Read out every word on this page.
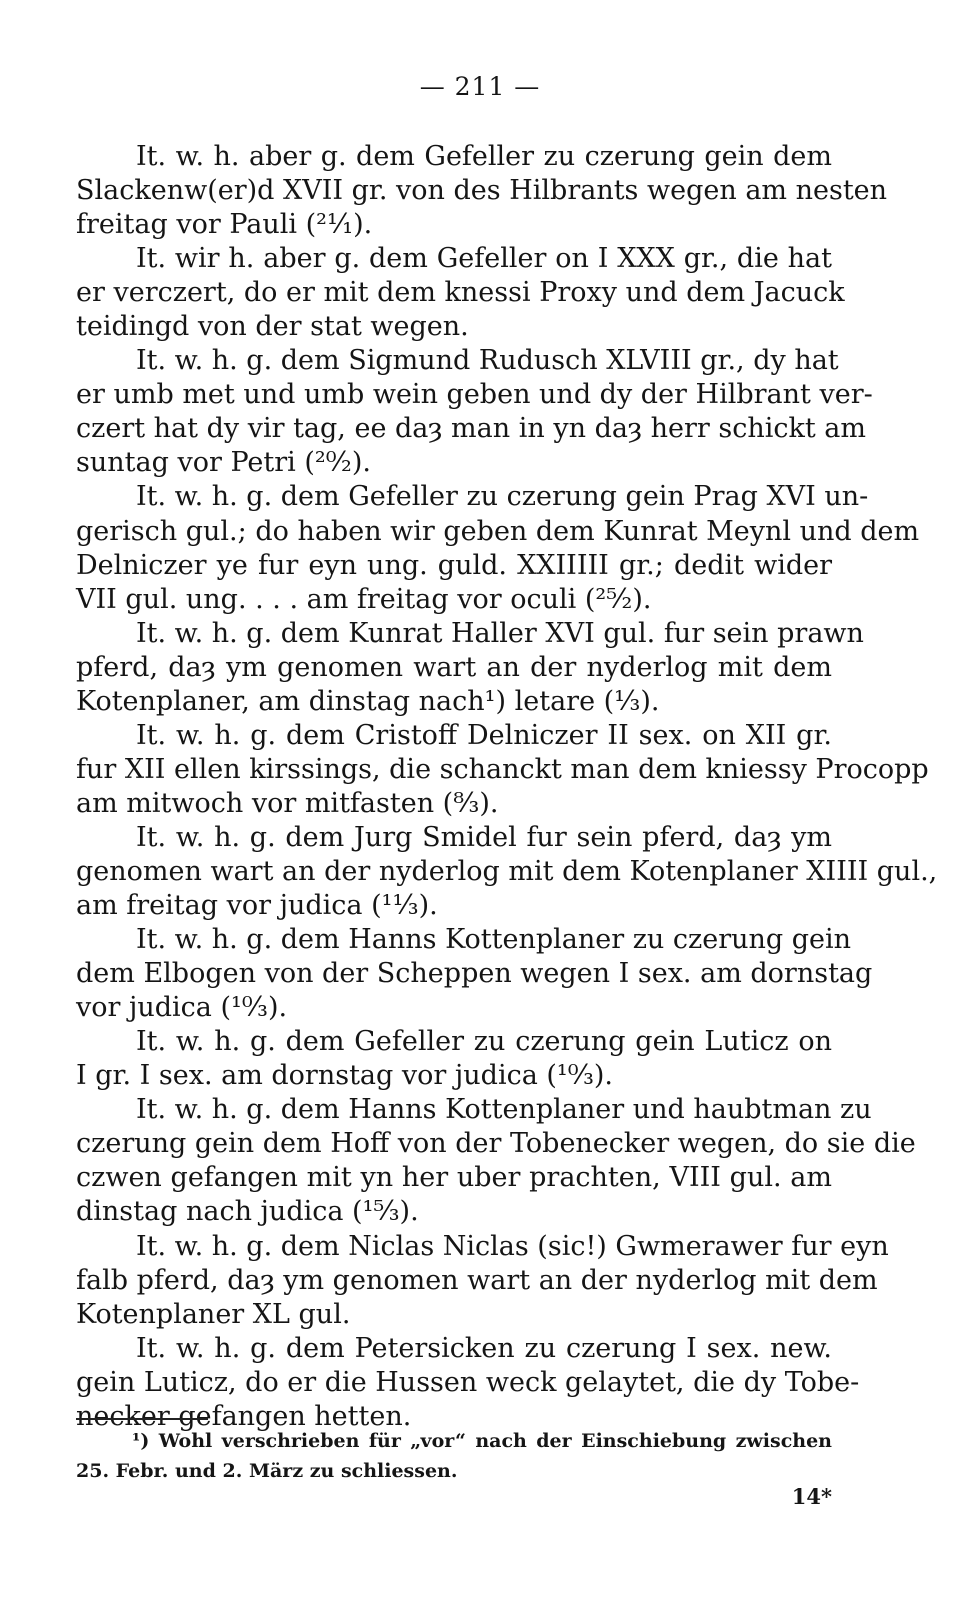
— 211 —
It. w. h. aber g. dem Gefeller zu czerung gein dem
Slackenw(er)d XVII gr. von des Hilbrants wegen am nesten
freitag vor Pauli (²¹⁄₁).
It. wir h. aber g. dem Gefeller on I XXX gr., die hat
er verczert, do er mit dem knessi Proxy und dem Jacuck
teidingd von der stat wegen.
It. w. h. g. dem Sigmund Rudusch XLVIII gr., dy hat
er umb met und umb wein geben und dy der Hilbrant ver-
czert hat dy vir tag, ee daȝ man in yn daȝ herr schickt am
suntag vor Petri (²⁰⁄₂).
It. w. h. g. dem Gefeller zu czerung gein Prag XVI un-
gerisch gul.; do haben wir geben dem Kunrat Meynl und dem
Delniczer ye fur eyn ung. guld. XXIIIII gr.; dedit wider
VII gul. ung. . . . am freitag vor oculi (²⁵⁄₂).
It. w. h. g. dem Kunrat Haller XVI gul. fur sein prawn
pferd, daȝ ym genomen wart an der nyderlog mit dem
Kotenplaner, am dinstag nach¹) letare (¹⁄₃).
It. w. h. g. dem Cristoff Delniczer II sex. on XII gr.
fur XII ellen kirssings, die schanckt man dem kniessy Procopp
am mitwoch vor mitfasten (⁸⁄₃).
It. w. h. g. dem Jurg Smidel fur sein pferd, daȝ ym
genomen wart an der nyderlog mit dem Kotenplaner XIIII gul.,
am freitag vor judica (¹¹⁄₃).
It. w. h. g. dem Hanns Kottenplaner zu czerung gein
dem Elbogen von der Scheppen wegen I sex. am dornstag
vor judica (¹⁰⁄₃).
It. w. h. g. dem Gefeller zu czerung gein Luticz on
I gr. I sex. am dornstag vor judica (¹⁰⁄₃).
It. w. h. g. dem Hanns Kottenplaner und haubtman zu
czerung gein dem Hoff von der Tobenecker wegen, do sie die
czwen gefangen mit yn her uber prachten, VIII gul. am
dinstag nach judica (¹⁵⁄₃).
It. w. h. g. dem Niclas Niclas (sic!) Gwmerawer fur eyn
falb pferd, daȝ ym genomen wart an der nyderlog mit dem
Kotenplaner XL gul.
It. w. h. g. dem Petersicken zu czerung I sex. new.
gein Luticz, do er die Hussen weck gelaytet, die dy Tobe-
necker gefangen hetten.
¹) Wohl verschrieben für „vor“ nach der Einschiebung zwischen
25. Febr. und 2. März zu schliessen.
14*
